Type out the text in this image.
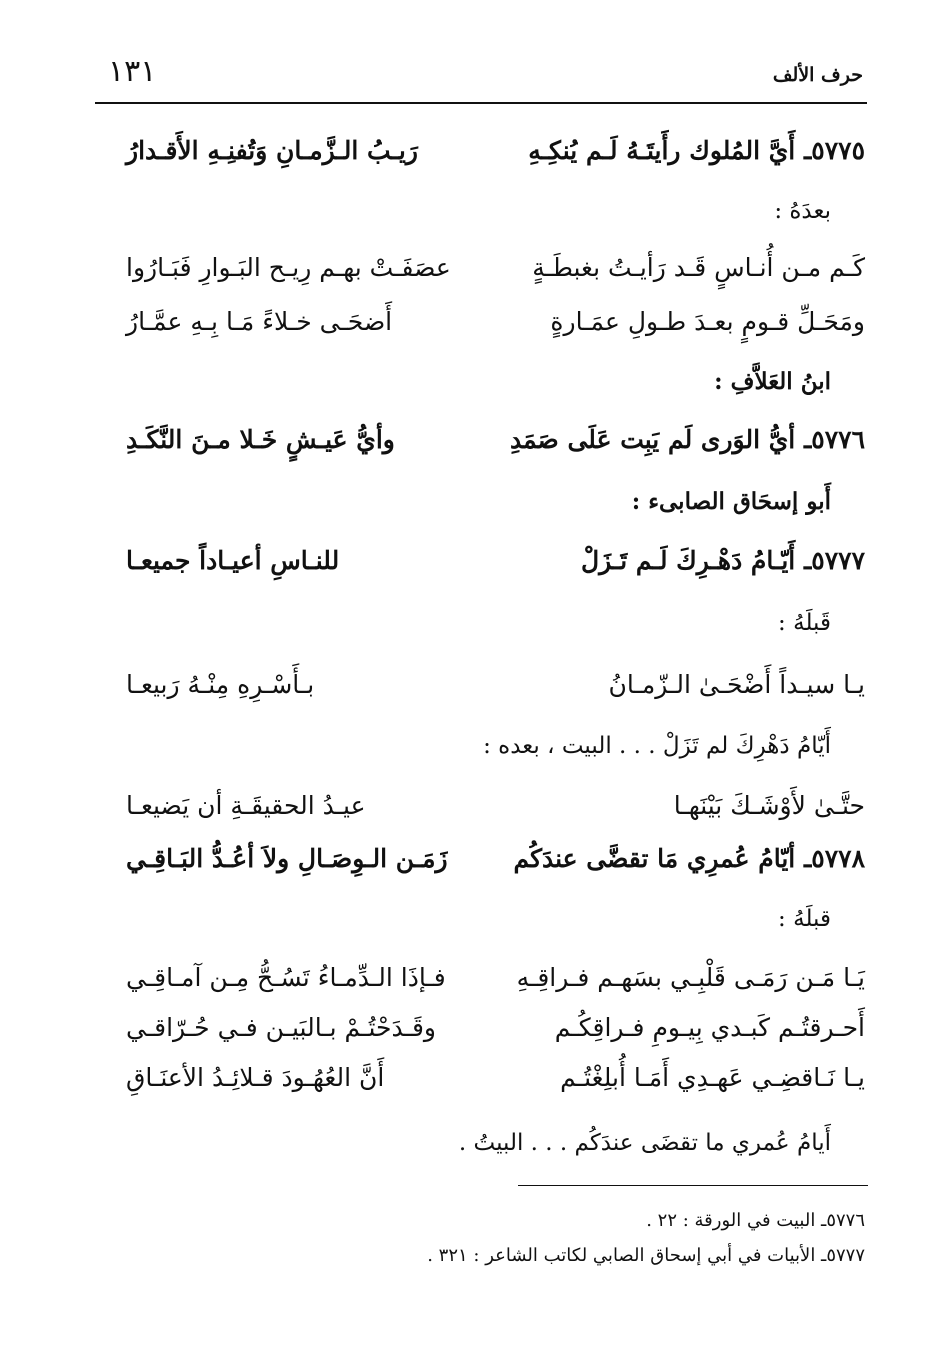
١٣١	حرف الألف
٥٧٧٥ـ أَيَّ المُلوك رأَيتَـهُ لَـم يُنكِـهِ
رَيـبُ الـزَّمـانِ وَتُفنِـهِ الأَقـدارُ
بعدَهُ :
كَـم مـن أُنـاسٍ قَـد رَأيـتُ بغبطَـةٍ
عصَفَـتْ بهـم رِيـح البَـوارِ فَبَـارُوا
ومَحَـلِّ قـومٍ بعـدَ طـولِ عمَـارةٍ
أَضحَـى خـلاءً مَـا بِـهِ عمَّـارُ
ابنُ العَلاَّفِ :
٥٧٧٦ـ أيُّ الوَرى لَم يَبِت عَلَى صَمَدِ
وأيُّ عَيـشٍ خَـلا مـنَ النَّكَـدِ
أَبو إسحَاق الصابىء :
٥٧٧٧ـ أَيّـامُ دَهْـرِكَ لَـم تَـزَلْ
للنـاسِ أعيـاداً جميعـا
قَبلَهُ :
يـا سيـداً أَضْحَـىٰ الـزّمـانُ
بـأَسْـرِهِ مِنْـهُ رَبيعـا
أَيّامُ دَهْرِكَ لم تَزَلْ . . . البيت ، بعده :
حتَّـىٰ لأَوْشَـكَ بَيْنَهـا
عيـدُ الحقيقَـةِ أن يَضيعـا
٥٧٧٨ـ أيّامُ عُمرِي مَا تقضَّى عندَكُم
زَمَـن الـوِصَـالِ ولاَ أعُـدُّ البَـاقِـي
قبلَهُ :
يَـا مَـن رَمَـى قَلْبِـي بسَهـم فـراقِـهِ
فـإذَا الـدِّمـاءُ تَسُـحُّ مِـن آمـاقِـي
أَحـرقتُـم كَبـدي بِيـومِ فـراقِكُـم
وقَـدَحْتُـمْ بـالبَيـن فـي حُـرّاقـي
يـا نَـاقضِـي عَهـدِي أَمَـا أُبلِغْتُـم
أَنَّ العُهُـودَ قـلائِـدُ الأعنَـاقِ
أَيامُ عُمري ما تقضَى عندَكُم . . . البيتُ .
٥٧٧٦ـ البيت في الورقة : ٢٢ .
٥٧٧٧ـ الأبيات في أبي إسحاق الصابي لكاتب الشاعر : ٣٢١ .
